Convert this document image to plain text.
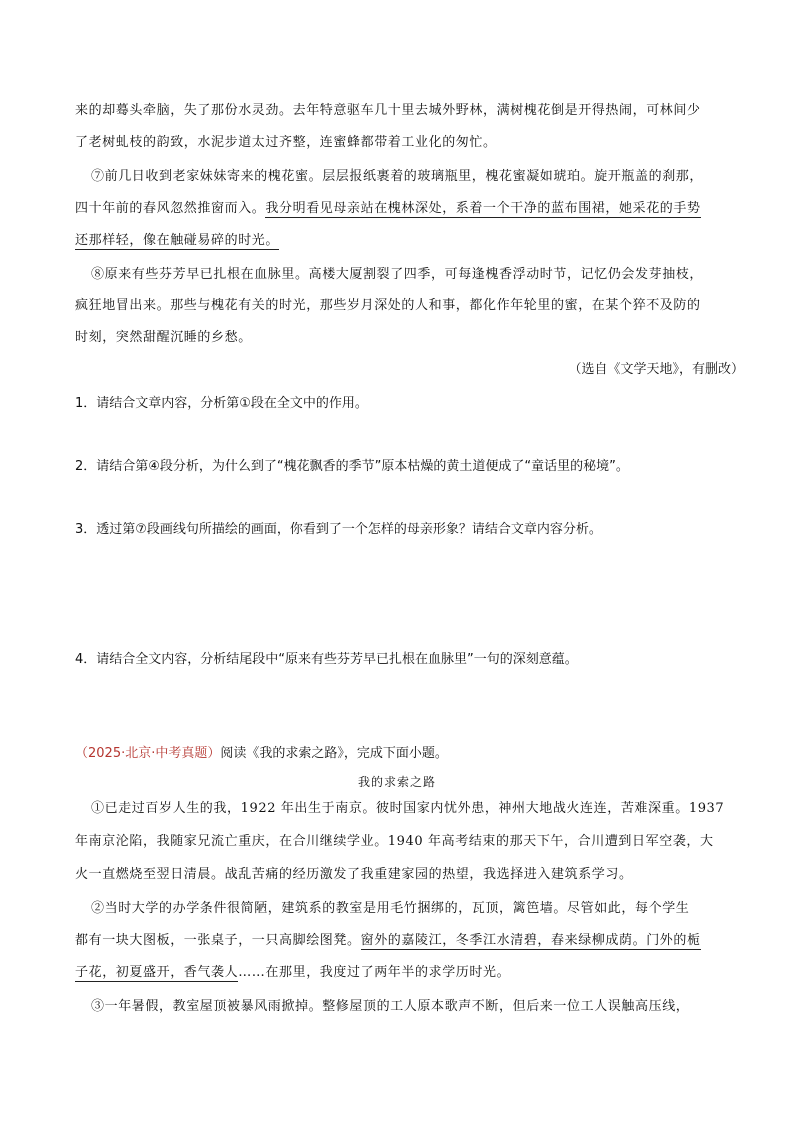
来的却蓦头牵脑，失了那份水灵劲。去年特意驱车几十里去城外野林，满树槐花倒是开得热闹，可林间少
了老树虬枝的韵致，水泥步道太过齐整，连蜜蜂都带着工业化的匆忙。
⑦前几日收到老家妹妹寄来的槐花蜜。层层报纸裹着的玻璃瓶里，槐花蜜凝如琥珀。旋开瓶盖的刹那，
四十年前的春风忽然推窗而入。我分明看见母亲站在槐林深处，系着一个干净的蓝布围裙，她采花的手势
还那样轻，像在触碰易碎的时光。
⑧原来有些芬芳早已扎根在血脉里。高楼大厦割裂了四季，可每逢槐香浮动时节，记忆仍会发芽抽枝，
疯狂地冒出来。那些与槐花有关的时光，那些岁月深处的人和事，都化作年轮里的蜜，在某个猝不及防的
时刻，突然甜醒沉睡的乡愁。
（选自《文学天地》，有删改）
1．请结合文章内容，分析第①段在全文中的作用。
2．请结合第④段分析，为什么到了“槐花飘香的季节”原本枯燥的黄土道便成了“童话里的秘境”。
3．透过第⑦段画线句所描绘的画面，你看到了一个怎样的母亲形象？请结合文章内容分析。
4．请结合全文内容，分析结尾段中“原来有些芬芳早已扎根在血脉里”一句的深刻意蕴。
（2025·北京·中考真题）阅读《我的求索之路》，完成下面小题。
我的求索之路
①已走过百岁人生的我，1922 年出生于南京。彼时国家内忧外患，神州大地战火连连，苦难深重。1937
年南京沦陷，我随家兄流亡重庆，在合川继续学业。1940 年高考结束的那天下午，合川遭到日军空袭，大
火一直燃烧至翌日清晨。战乱苦痛的经历激发了我重建家园的热望，我选择进入建筑系学习。
②当时大学的办学条件很简陋，建筑系的教室是用毛竹捆绑的，瓦顶，篱笆墙。尽管如此，每个学生
都有一块大图板，一张桌子，一只高脚绘图凳。窗外的嘉陵江，冬季江水清碧，春来绿柳成荫。门外的栀
子花，初夏盛开，香气袭人……在那里，我度过了两年半的求学历时光。
③一年暑假，教室屋顶被暴风雨掀掉。整修屋顶的工人原本歌声不断，但后来一位工人误触高压线，
